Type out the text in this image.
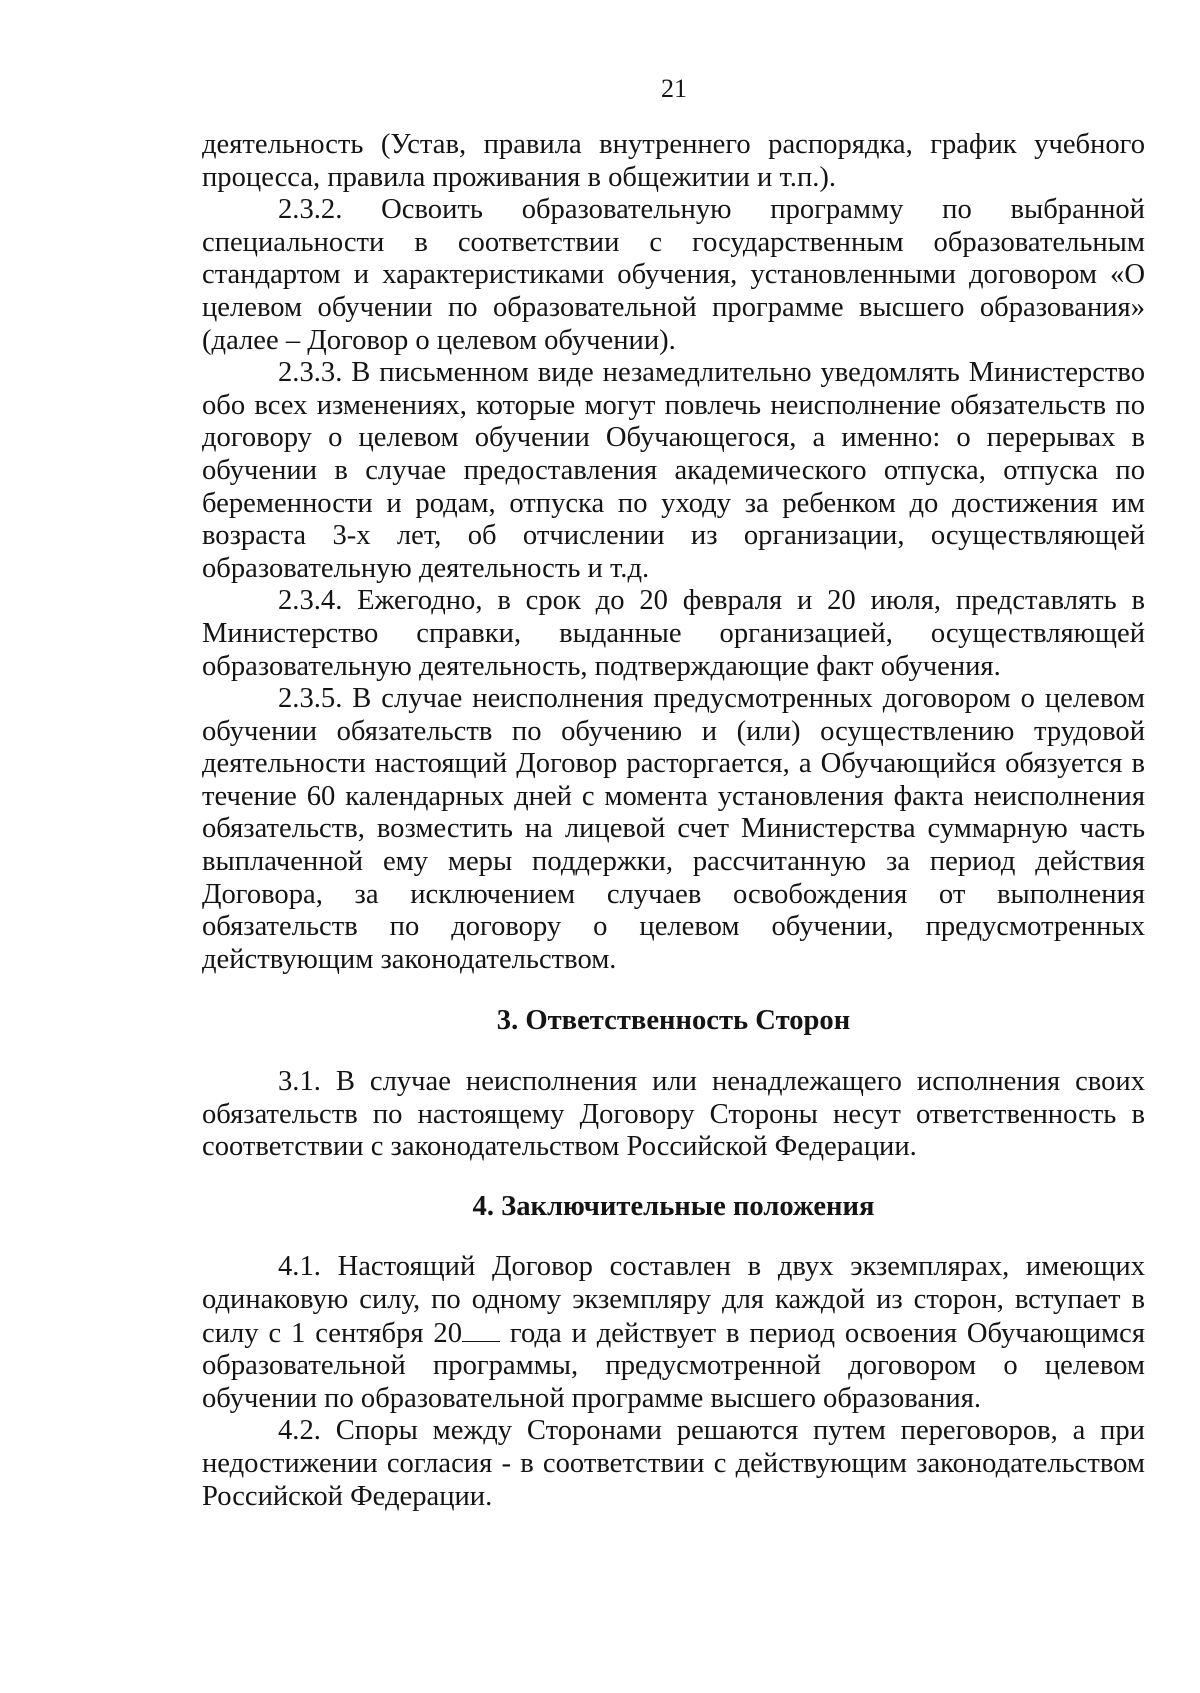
21

деятельность (Устав, правила внутреннего распорядка, график учебного процесса, правила проживания в общежитии и т.п.).

2.3.2. Освоить образовательную программу по выбранной специальности в соответствии с государственным образовательным стандартом и характеристиками обучения, установленными договором «О целевом обучении по образовательной программе высшего образования» (далее – Договор о целевом обучении).

2.3.3. В письменном виде незамедлительно уведомлять Министерство обо всех изменениях, которые могут повлечь неисполнение обязательств по договору о целевом обучении Обучающегося, а именно: о перерывах в обучении в случае предоставления академического отпуска, отпуска по беременности и родам, отпуска по уходу за ребенком до достижения им возраста 3-х лет, об отчислении из организации, осуществляющей образовательную деятельность и т.д.

2.3.4. Ежегодно, в срок до 20 февраля и 20 июля, представлять в Министерство справки, выданные организацией, осуществляющей образовательную деятельность, подтверждающие факт обучения.

2.3.5. В случае неисполнения предусмотренных договором о целевом обучении обязательств по обучению и (или) осуществлению трудовой деятельности настоящий Договор расторгается, а Обучающийся обязуется в течение 60 календарных дней с момента установления факта неисполнения обязательств, возместить на лицевой счет Министерства суммарную часть выплаченной ему меры поддержки, рассчитанную за период действия Договора, за исключением случаев освобождения от выполнения обязательств по договору о целевом обучении, предусмотренных действующим законодательством.

3. Ответственность Сторон

3.1. В случае неисполнения или ненадлежащего исполнения своих обязательств по настоящему Договору Стороны несут ответственность в соответствии с законодательством Российской Федерации.

4. Заключительные положения

4.1. Настоящий Договор составлен в двух экземплярах, имеющих одинаковую силу, по одному экземпляру для каждой из сторон, вступает в силу с 1 сентября 20 года и действует в период освоения Обучающимся образовательной программы, предусмотренной договором о целевом обучении по образовательной программе высшего образования.

4.2. Споры между Сторонами решаются путем переговоров, а при недостижении согласия - в соответствии с действующим законодательством Российской Федерации.
